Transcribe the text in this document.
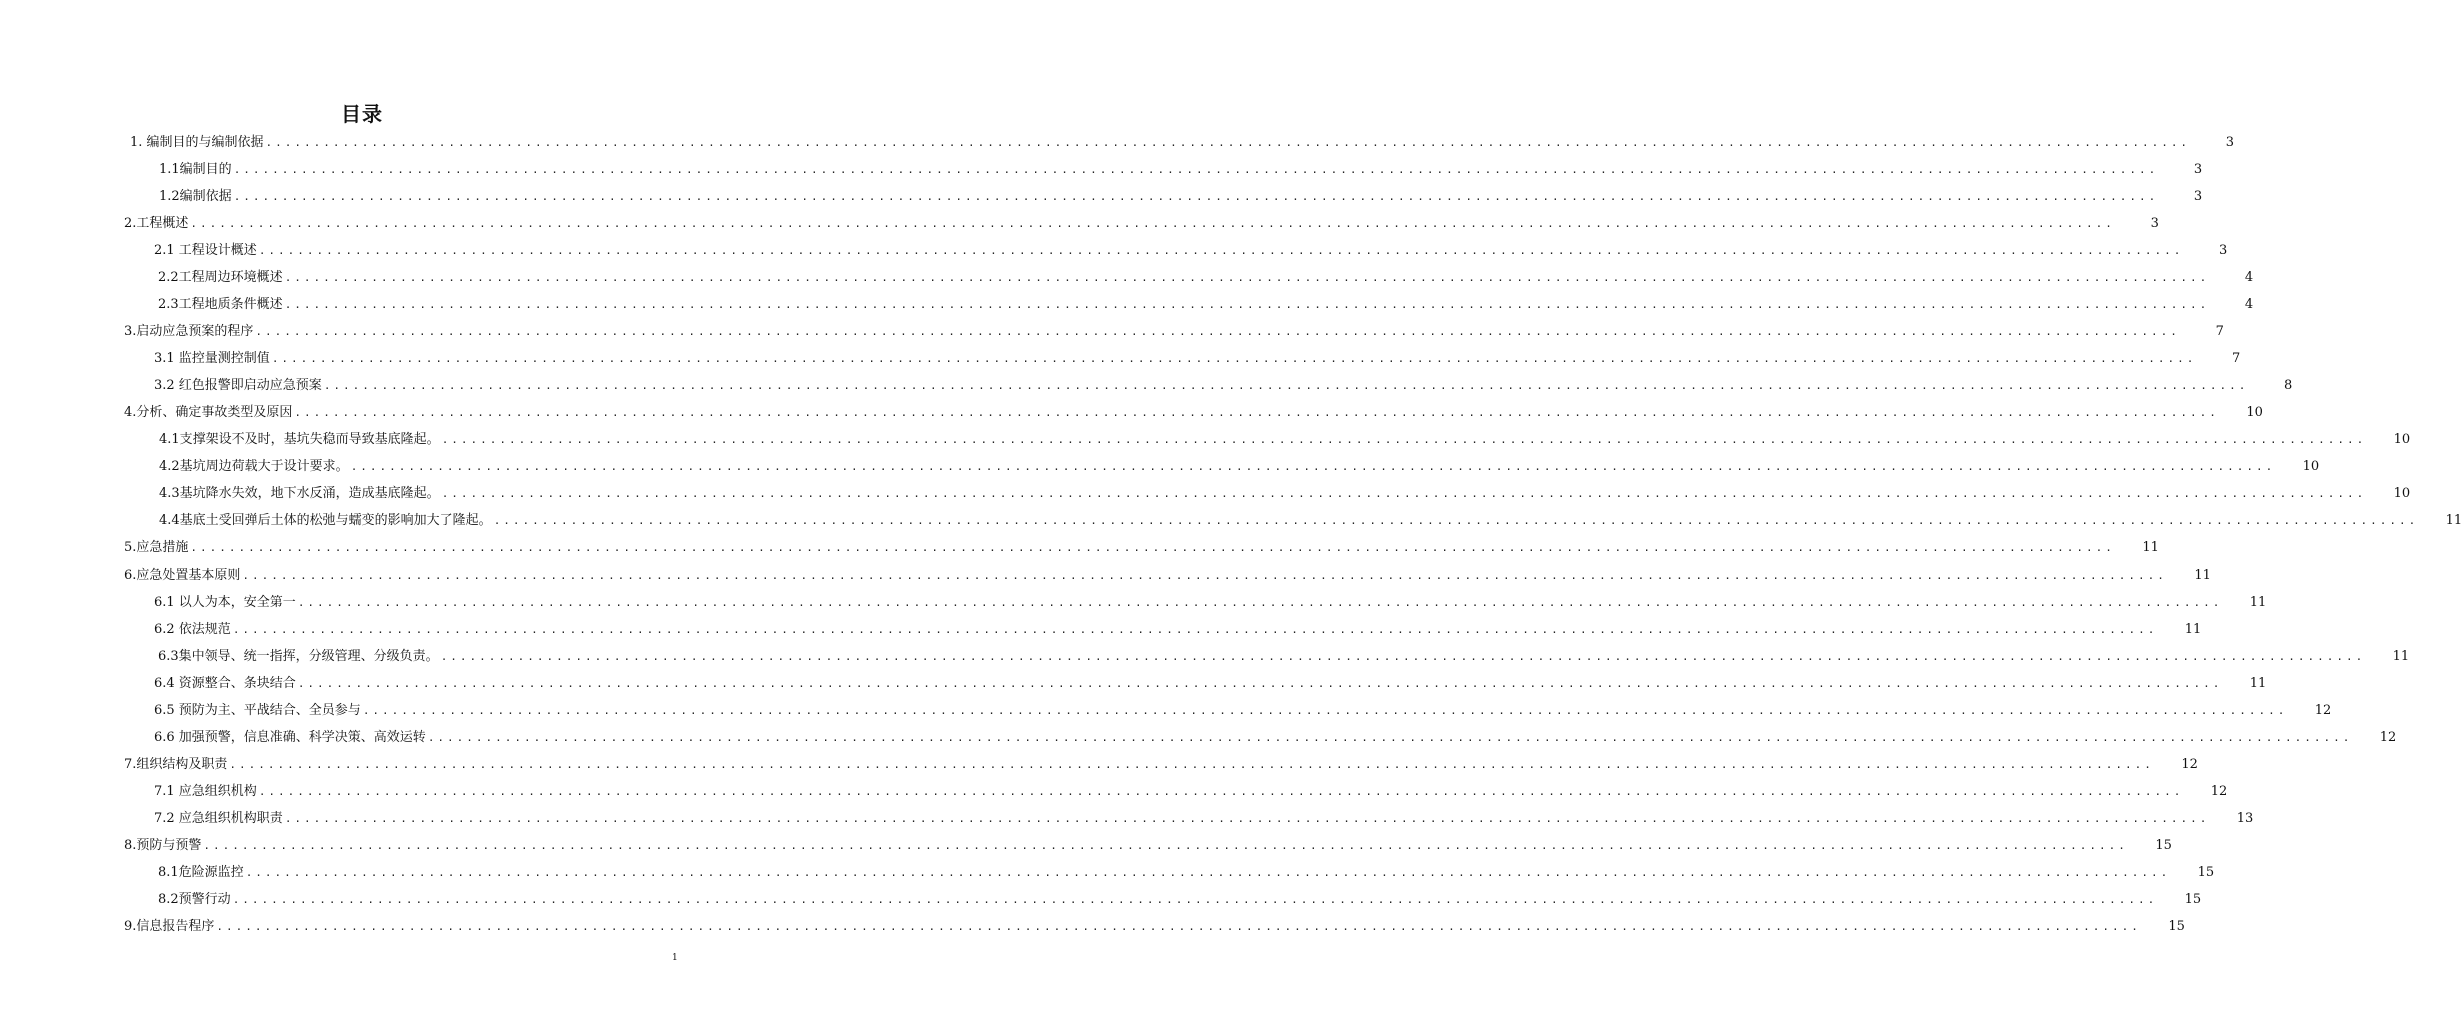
目录
1. 编制目的与编制依据 ........................................................................................................................................................................................................	3
1.1编制目的 ........................................................................................................................................................................................................	3
1.2编制依据 ........................................................................................................................................................................................................	3
2.工程概述 ........................................................................................................................................................................................................	3
2.1 工程设计概述 ........................................................................................................................................................................................................	3
2.2工程周边环境概述 ........................................................................................................................................................................................................	4
2.3工程地质条件概述 ........................................................................................................................................................................................................	4
3.启动应急预案的程序 ........................................................................................................................................................................................................	7
3.1 监控量测控制值 ........................................................................................................................................................................................................	7
3.2 红色报警即启动应急预案 ........................................................................................................................................................................................................	8
4.分析、确定事故类型及原因 ........................................................................................................................................................................................................	10
4.1支撑架设不及时，基坑失稳而导致基底隆起。 ........................................................................................................................................................................................................	10
4.2基坑周边荷载大于设计要求。 ........................................................................................................................................................................................................	10
4.3基坑降水失效，地下水反涌，造成基底隆起。 ........................................................................................................................................................................................................	10
4.4基底土受回弹后土体的松弛与蠕变的影响加大了隆起。 ........................................................................................................................................................................................................	11
5.应急措施 ........................................................................................................................................................................................................	11
6.应急处置基本原则 ........................................................................................................................................................................................................	11
6.1 以人为本，安全第一 ........................................................................................................................................................................................................	11
6.2 依法规范 ........................................................................................................................................................................................................	11
6.3集中领导、统一指挥，分级管理、分级负责。 ........................................................................................................................................................................................................	11
6.4 资源整合、条块结合 ........................................................................................................................................................................................................	11
6.5 预防为主、平战结合、全员参与 ........................................................................................................................................................................................................	12
6.6 加强预警，信息准确、科学决策、高效运转 ........................................................................................................................................................................................................	12
7.组织结构及职责 ........................................................................................................................................................................................................	12
7.1 应急组织机构 ........................................................................................................................................................................................................	12
7.2 应急组织机构职责 ........................................................................................................................................................................................................	13
8.预防与预警 ........................................................................................................................................................................................................	15
8.1危险源监控 ........................................................................................................................................................................................................	15
8.2预警行动 ........................................................................................................................................................................................................	15
9.信息报告程序 ........................................................................................................................................................................................................	15
1
